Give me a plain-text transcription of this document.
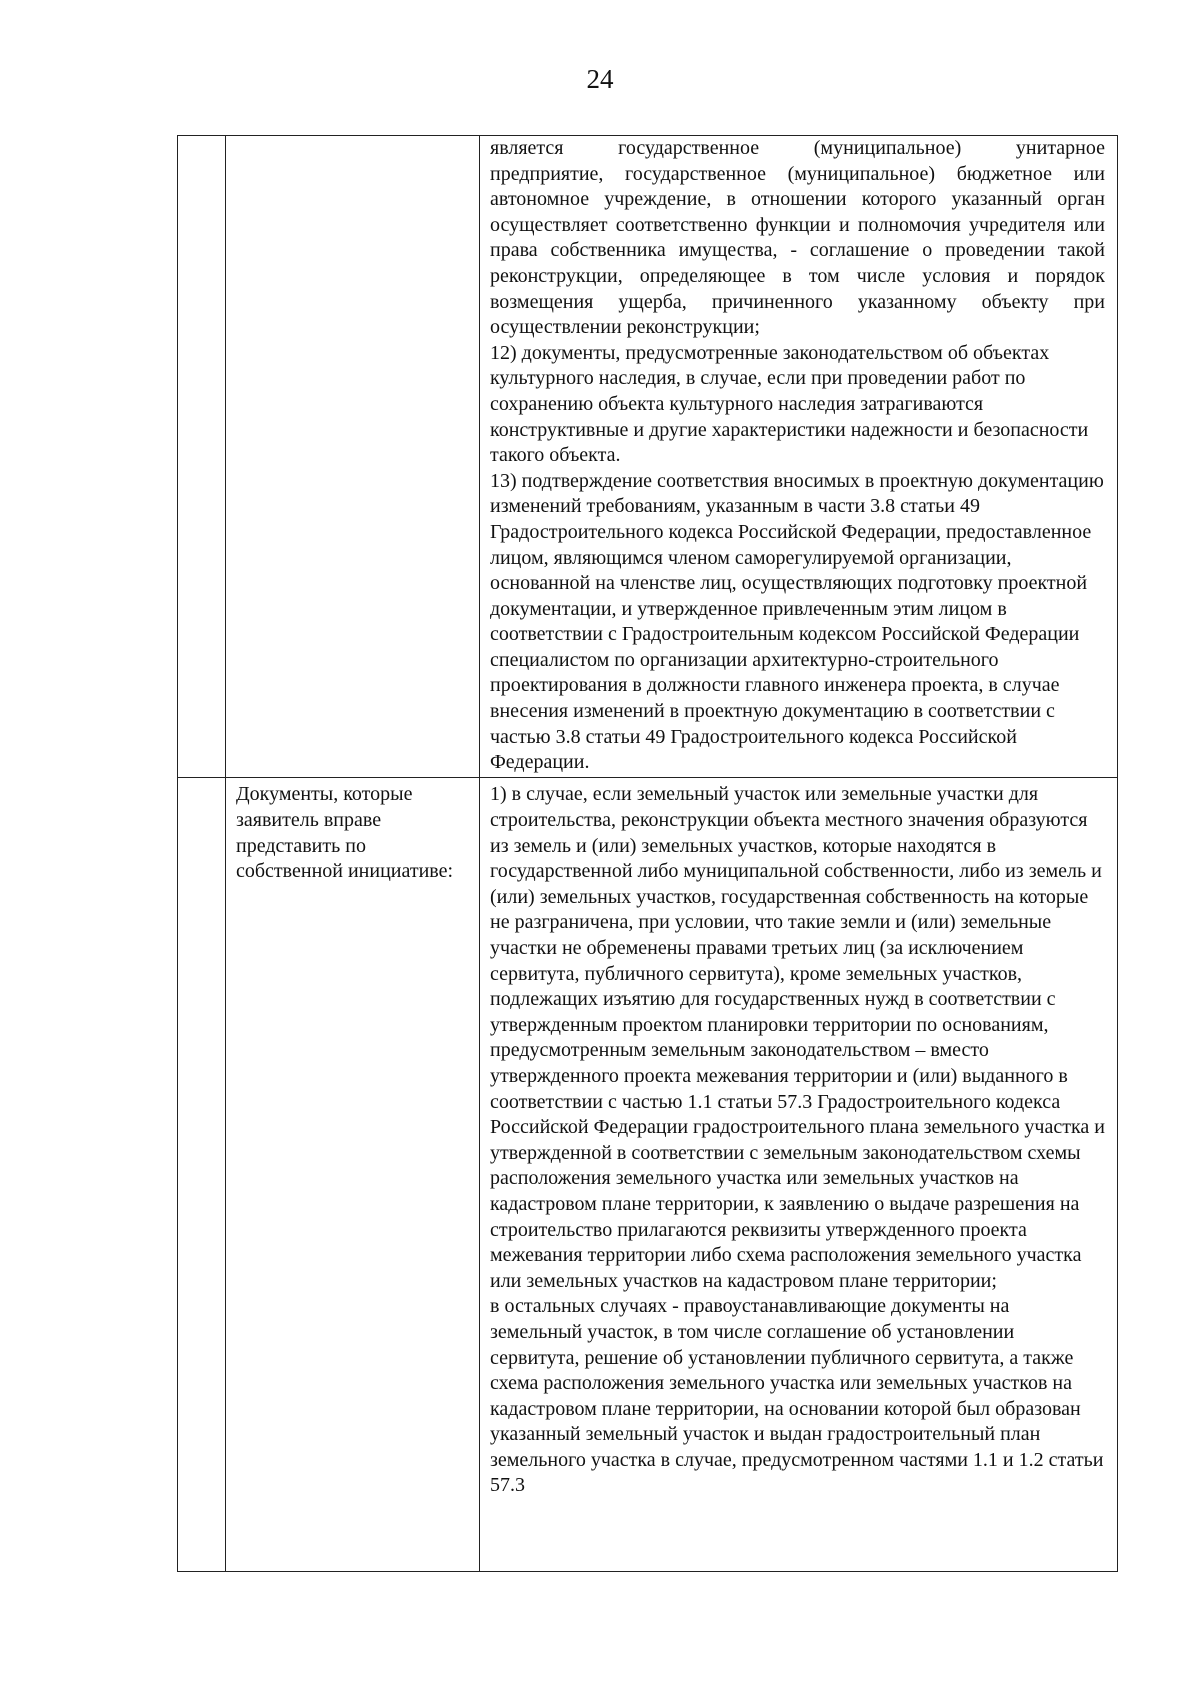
24

		является государственное (муниципальное) унитарное

предприятие, государственное (муниципальное) бюджетное или автономное учреждение, в отношении которого указанный орган осуществляет соответственно функции и полномочия учредителя или права собственника имущества, - соглашение о проведении такой реконструкции, определяющее в том числе условия и порядок возмещения ущерба, причиненного указанному объекту при осуществлении реконструкции;

12) документы, предусмотренные законодательством об объектах культурного наследия, в случае, если при проведении работ по сохранению объекта культурного наследия затрагиваются конструктивные и другие характеристики надежности и безопасности такого объекта.

13) подтверждение соответствия вносимых в проектную документацию изменений требованиям, указанным в части 3.8 статьи 49 Градостроительного кодекса Российской Федерации, предоставленное лицом, являющимся членом саморегулируемой организации, основанной на членстве лиц, осуществляющих подготовку проектной документации, и утвержденное привлеченным этим лицом в соответствии с Градостроительным кодексом Российской Федерации специалистом по организации архитектурно-строительного проектирования в должности главного инженера проекта, в случае внесения изменений в проектную документацию в соответствии с частью 3.8 статьи 49 Градостроительного кодекса Российской Федерации.

	Документы, которые заявитель вправе представить по собственной инициативе:	1) в случае, если земельный участок или земельные участки для строительства, реконструкции объекта местного значения образуются из земель и (или) земельных участков, которые находятся в государственной либо муниципальной собственности, либо из земель и (или) земельных участков, государственная собственность на которые не разграничена, при условии, что такие земли и (или) земельные участки не обременены правами третьих лиц (за исключением сервитута, публичного сервитута), кроме земельных участков, подлежащих изъятию для государственных нужд в соответствии с утвержденным проектом планировки территории по основаниям, предусмотренным земельным законодательством – вместо утвержденного проекта межевания территории и (или) выданного в соответствии с частью 1.1 статьи 57.3 Градостроительного кодекса Российской Федерации градостроительного плана земельного участка и утвержденной в соответствии с земельным законодательством схемы расположения земельного участка или земельных участков на кадастровом плане территории, к заявлению о выдаче разрешения на строительство прилагаются реквизиты утвержденного проекта межевания территории либо схема расположения земельного участка или земельных участков на кадастровом плане территории;

в остальных случаях - правоустанавливающие документы на земельный участок, в том числе соглашение об установлении сервитута, решение об установлении публичного сервитута, а также схема расположения земельного участка или земельных участков на кадастровом плане территории, на основании которой был образован указанный земельный участок и выдан градостроительный план земельного участка в случае, предусмотренном частями 1.1 и 1.2 статьи 57.3
